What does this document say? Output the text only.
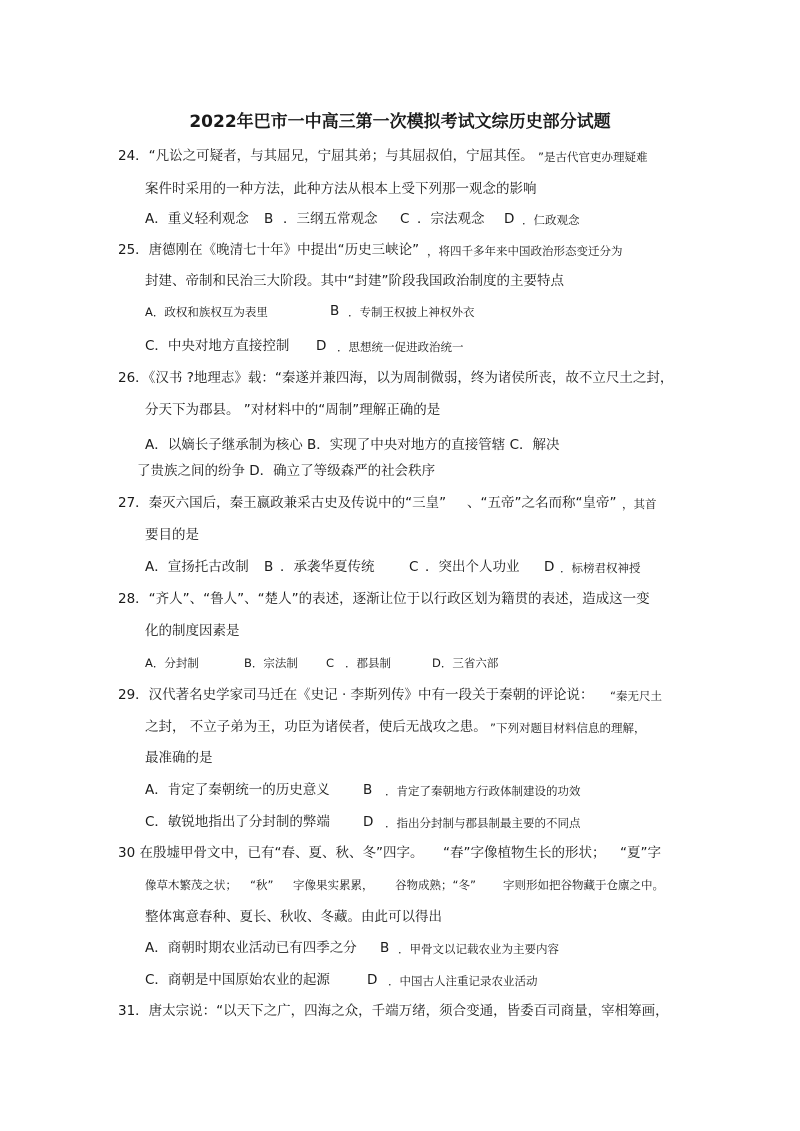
2022年巴市一中高三第一次模拟考试文综历史部分试题
24．“凡讼之可疑者，与其屈兄，宁屈其弟；与其屈叔伯，宁屈其侄。 ”是古代官吏办理疑难
案件时采用的一种方法，此种方法从根本上受下列那一观念的影响
A．重义轻利观念 B ．三纲五常观念 C ．宗法观念 D ．仁政观念
25．唐德刚在《晚清七十年》中提出“历史三峡论” ，将四千多年来中国政治形态变迁分为
封建、帝制和民治三大阶段。其中“封建”阶段我国政治制度的主要特点
A．政权和族权互为表里	B ．专制王权披上神权外衣
C．中央对地方直接控制 D ．思想统一促进政治统一
26．《汉书 ?地理志》载：“秦遂并兼四海，以为周制微弱，终为诸侯所丧，故不立尺土之封，
分天下为郡县。 ”对材料中的“周制”理解正确的是
A．以嫡长子继承制为核心 B．实现了中央对地方的直接管辖 C．解决
了贵族之间的纷争 D．确立了等级森严的社会秩序
27．秦灭六国后，秦王嬴政兼采古史及传说中的“三皇” 、“五帝”之名而称“皇帝” ，其首
要目的是
A．宣扬托古改制 B ．承袭华夏传统	C ．突出个人功业 D ．标榜君权神授
28．“齐人”、“鲁人”、“楚人”的表述，逐渐让位于以行政区划为籍贯的表述，造成这一变
化的制度因素是
A．分封制	B．宗法制 C ．郡县制	D．三省六部
29．汉代著名史学家司马迁在《史记 · 李斯列传》中有一段关于秦朝的评论说： “秦无尺土
之封， 不立子弟为王，功臣为诸侯者，使后无战攻之患。 ”下列对题目材料信息的理解，
最准确的是
A．肯定了秦朝统一的历史意义 B ．肯定了秦朝地方行政体制建设的功效
C．敏锐地指出了分封制的弊端 D ．指出分封制与郡县制最主要的不同点
30 在殷墟甲骨文中，已有“春、夏、秋、冬”四字。 “春”字像植物生长的形状； “夏”字
像草木繁茂之状； “秋” 字像果实累累， 谷物成熟；“冬” 字则形如把谷物藏于仓廪之中。
整体寓意春种、夏长、秋收、冬藏。由此可以得出
A．商朝时期农业活动已有四季之分 B ．甲骨文以记载农业为主要内容
C．商朝是中国原始农业的起源	D ．中国古人注重记录农业活动
31．唐太宗说：“以天下之广，四海之众，千端万绪，须合变通，皆委百司商量，宰相筹画，
